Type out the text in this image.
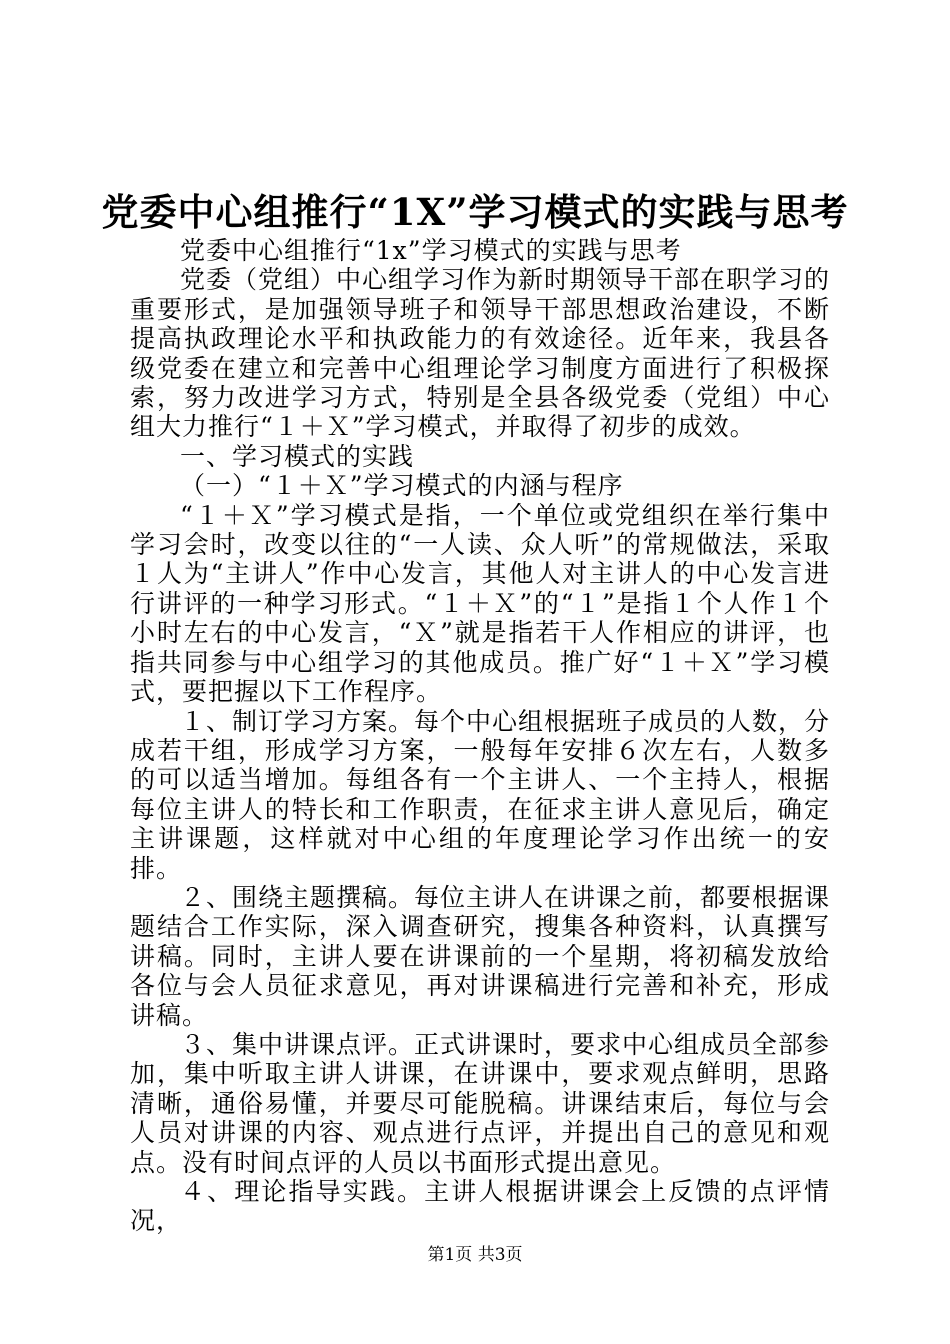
党委中心组推行“1X”学习模式的实践与思考

党委中心组推行“1x”学习模式的实践与思考

党委（党组）中心组学习作为新时期领导干部在职学习的重要形式，是加强领导班子和领导干部思想政治建设，不断提高执政理论水平和执政能力的有效途径。近年来，我县各级党委在建立和完善中心组理论学习制度方面进行了积极探索，努力改进学习方式，特别是全县各级党委（党组）中心组大力推行“１＋Ｘ”学习模式，并取得了初步的成效。

一、学习模式的实践

（一）“１＋Ｘ”学习模式的内涵与程序

“１＋Ｘ”学习模式是指，一个单位或党组织在举行集中学习会时，改变以往的“一人读、众人听”的常规做法，采取１人为“主讲人”作中心发言，其他人对主讲人的中心发言进行讲评的一种学习形式。“１＋Ｘ”的“１”是指１个人作１个小时左右的中心发言，“Ｘ”就是指若干人作相应的讲评，也指共同参与中心组学习的其他成员。推广好“１＋Ｘ”学习模式，要把握以下工作程序。

１、制订学习方案。每个中心组根据班子成员的人数，分成若干组，形成学习方案，一般每年安排６次左右，人数多的可以适当增加。每组各有一个主讲人、一个主持人，根据每位主讲人的特长和工作职责，在征求主讲人意见后，确定主讲课题，这样就对中心组的年度理论学习作出统一的安排。

２、围绕主题撰稿。每位主讲人在讲课之前，都要根据课题结合工作实际，深入调查研究，搜集各种资料，认真撰写讲稿。同时，主讲人要在讲课前的一个星期，将初稿发放给各位与会人员征求意见，再对讲课稿进行完善和补充，形成讲稿。

３、集中讲课点评。正式讲课时，要求中心组成员全部参加，集中听取主讲人讲课，在讲课中，要求观点鲜明，思路清晰，通俗易懂，并要尽可能脱稿。讲课结束后，每位与会人员对讲课的内容、观点进行点评，并提出自己的意见和观点。没有时间点评的人员以书面形式提出意见。

４、理论指导实践。主讲人根据讲课会上反馈的点评情况，

第1页 共3页
